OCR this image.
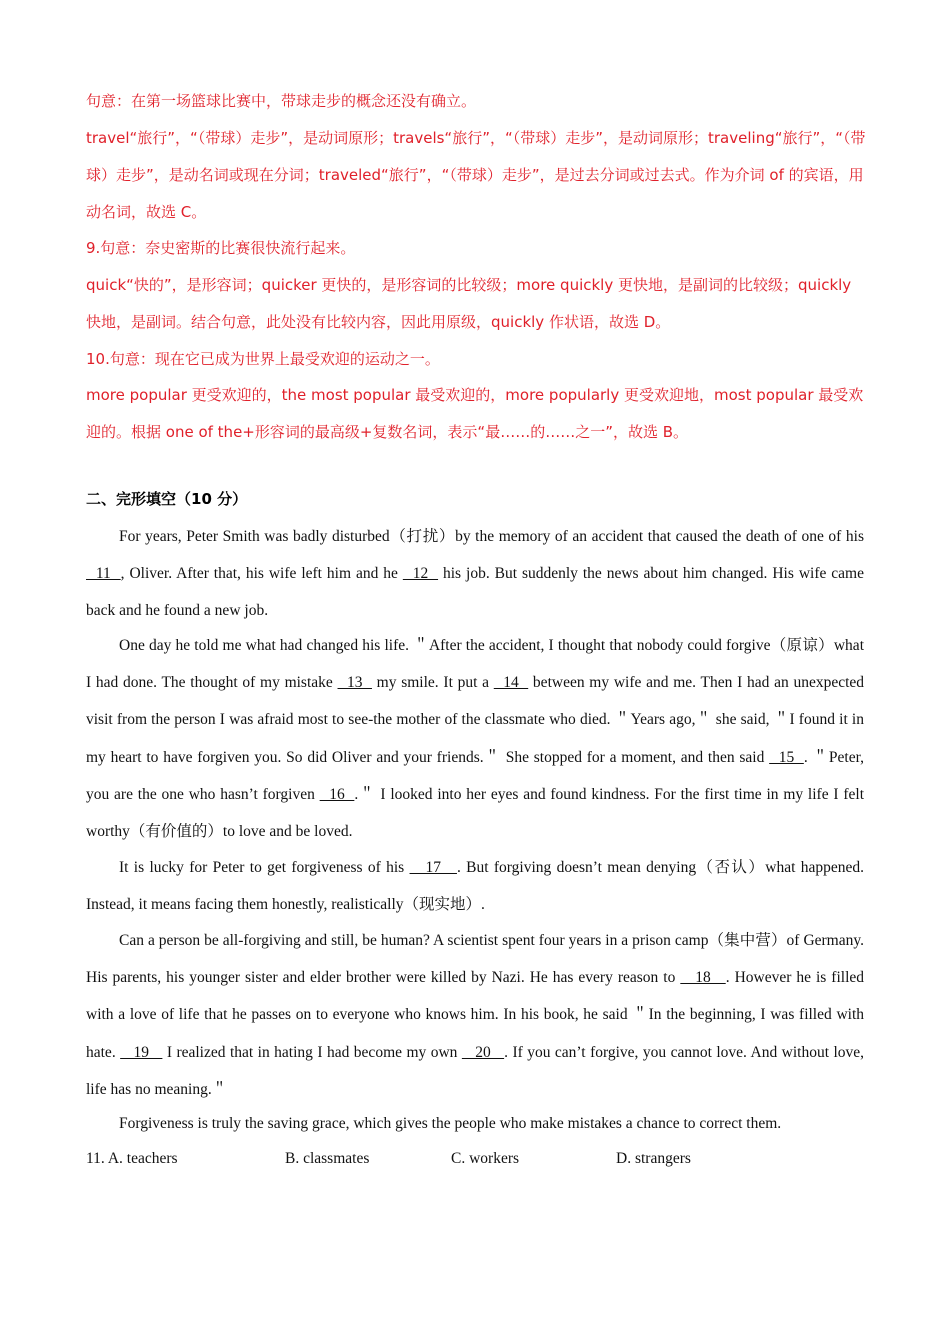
句意：在第一场篮球比赛中，带球走步的概念还没有确立。

travel“旅行”，“（带球）走步”，是动词原形；travels“旅行”，“（带球）走步”，是动词原形；traveling“旅行”，“（带球）走步”，是动名词或现在分词；traveled“旅行”，“（带球）走步”，是过去分词或过去式。作为介词 of 的宾语，用动名词，故选 C。

9.句意：奈史密斯的比赛很快流行起来。

quick“快的”，是形容词；quicker 更快的，是形容词的比较级；more quickly 更快地，是副词的比较级；quickly 快地，是副词。结合句意，此处没有比较内容，因此用原级，quickly 作状语，故选 D。

10.句意：现在它已成为世界上最受欢迎的运动之一。

more popular 更受欢迎的，the most popular 最受欢迎的，more popularly 更受欢迎地，most popular 最受欢迎的。根据 one of the+形容词的最高级+复数名词，表示“最……的……之一”，故选 B。

二、完形填空（10 分）

For years, Peter Smith was badly disturbed（打扰）by the memory of an accident that caused the death of one of his   11  , Oliver. After that, his wife left him and he   12   his job. But suddenly the news about him changed. His wife came back and he found a new job.

One day he told me what had changed his life. ＂After the accident, I thought that nobody could forgive（原谅）what I had done. The thought of my mistake   13   my smile. It put a   14   between my wife and me. Then I had an unexpected visit from the person I was afraid most to see-the mother of the classmate who died. ＂Years ago,＂ she said, ＂I found it in my heart to have forgiven you. So did Oliver and your friends.＂ She stopped for a moment, and then said   15  . ＂Peter, you are the one who hasn’t forgiven   16  .＂ I looked into her eyes and found kindness. For the first time in my life I felt worthy（有价值的）to love and be loved.

It is lucky for Peter to get forgiveness of his    17   . But forgiving doesn’t mean denying（否认）what happened. Instead, it means facing them honestly, realistically（现实地）.

Can a person be all-forgiving and still, be human? A scientist spent four years in a prison camp（集中营）of Germany. His parents, his younger sister and elder brother were killed by Nazi. He has every reason to    18   . However he is filled with a love of life that he passes on to everyone who knows him. In his book, he said ＂In the beginning, I was filled with hate.    19    I realized that in hating I had become my own    20   . If you can’t forgive, you cannot love. And without love, life has no meaning.＂

Forgiveness is truly the saving grace, which gives the people who make mistakes a chance to correct them.

11. A. teachers	B. classmates	C. workers	D. strangers
